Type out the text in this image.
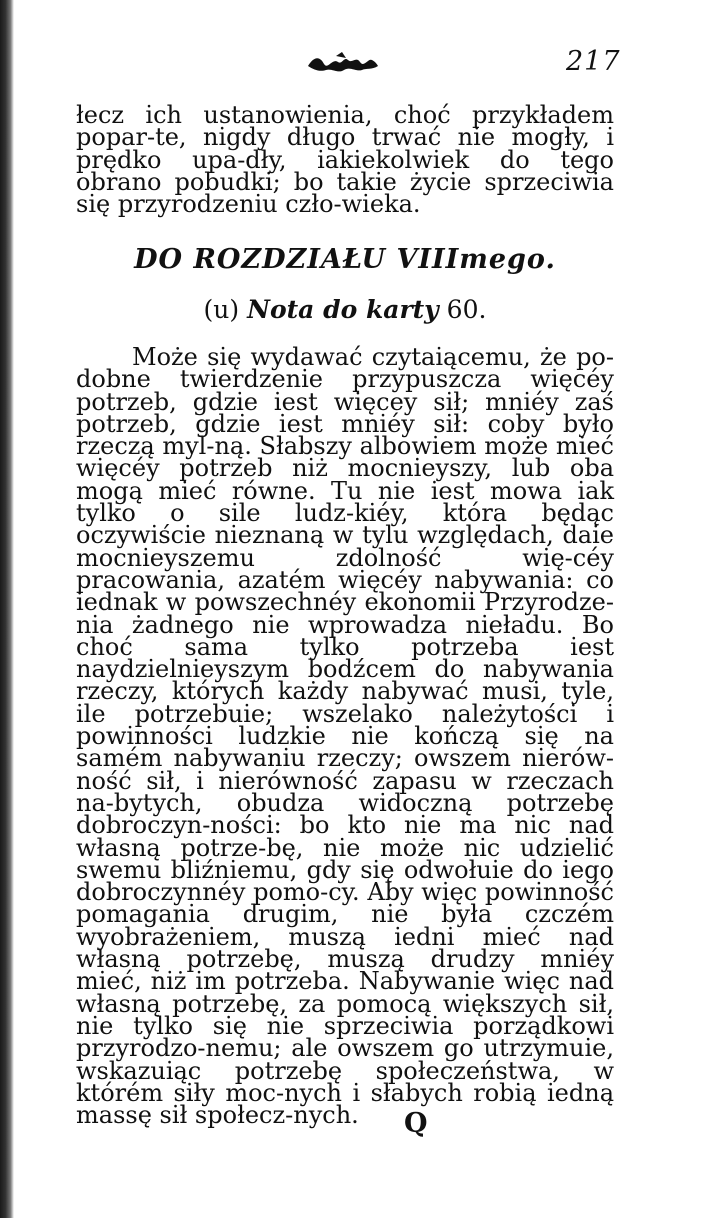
217

łecz ich ustanowienia, choć przykładem popar-te, nigdy długo trwać nie mogły, i prędko upa-dły, iakiekolwiek do tego obrano pobudki; bo takie życie sprzeciwia się przyrodzeniu czło-wieka.

DO ROZDZIAŁU VIIImego.

(u) Nota do karty 60.

Może się wydawać czytaiącemu, że po-dobne twierdzenie przypuszcza więcéy potrzeb, gdzie iest więcey sił; mniéy zaś potrzeb, gdzie iest mniéy sił: coby było rzeczą myl-ną. Słabszy albowiem może mieć więcéy potrzeb niż mocnieyszy, lub oba mogą mieć równe. Tu nie iest mowa iak tylko o sile ludz-kiéy, która będąc oczywiście nieznaną w tylu względach, daie mocnieyszemu zdolność wię-céy pracowania, azatém więcéy nabywania: co iednak w powszechnéy ekonomii Przyrodze-nia żadnego nie wprowadza nieładu. Bo choć sama tylko potrzeba iest naydzielnieyszym bodźcem do nabywania rzeczy, których każdy nabywać musi, tyle, ile potrzebuie; wszelako należytości i powinności ludzkie nie kończą się na samém nabywaniu rzeczy; owszem nierów-ność sił, i nierówność zapasu w rzeczach na-bytych, obudza widoczną potrzebę dobroczyn-ności: bo kto nie ma nic nad własną potrze-bę, nie może nic udzielić swemu bliźniemu, gdy się odwołuie do iego dobroczynnéy pomo-cy. Aby więc powinność pomagania drugim, nie była czczém wyobrażeniem, muszą iedni mieć nad własną potrzebę, muszą drudzy mniéy mieć, niż im potrzeba. Nabywanie więc nad własną potrzebę, za pomocą większych sił, nie tylko się nie sprzeciwia porządkowi przyrodzo-nemu; ale owszem go utrzymuie, wskazuiąc potrzebę społeczeństwa, w którém siły moc-nych i słabych robią iedną massę sił społecz-nych.	Q
